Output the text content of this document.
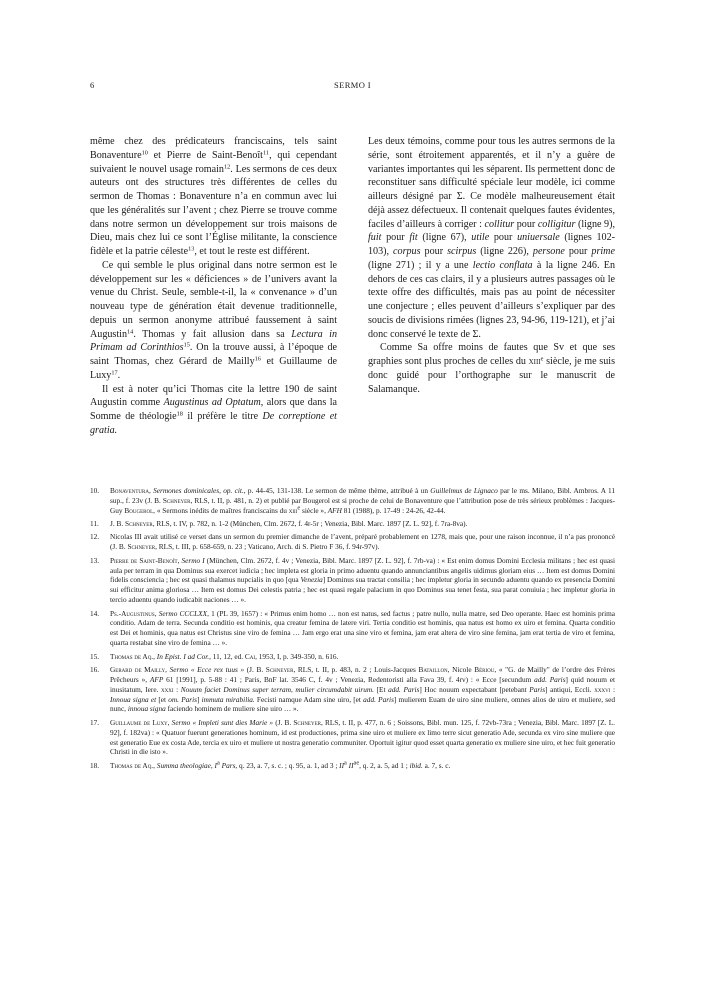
6	SERMO I

même chez des prédicateurs franciscains, tels saint Bonaventure$^{10}$ et Pierre de Saint-Benoît$^{11}$, qui cependant suivaient le nouvel usage romain$^{12}$. Les sermons de ces deux auteurs ont des structures très différentes de celles du sermon de Thomas : Bonaventure n’a en commun avec lui que les généralités sur l’avent ; chez Pierre se trouve comme dans notre sermon un développement sur trois maisons de Dieu, mais chez lui ce sont l’Église militante, la conscience fidèle et la patrie céleste$^{13}$, et tout le reste est différent.

Ce qui semble le plus original dans notre sermon est le développement sur les « déficiences » de l’univers avant la venue du Christ. Seule, semble-t-il, la « convenance » d’un nouveau type de génération était devenue traditionnelle, depuis un sermon anonyme attribué faussement à saint Augustin$^{14}$. Thomas y fait allusion dans sa Lectura in Primam ad Corinthios$^{15}$. On la trouve aussi, à l’époque de saint Thomas, chez Gérard de Mailly$^{16}$ et Guillaume de Luxy$^{17}$.

Il est à noter qu’ici Thomas cite la lettre 190 de saint Augustin comme Augustinus ad Optatum, alors que dans la Somme de théologie$^{18}$ il préfère le titre De correptione et gratia.

Les deux témoins, comme pour tous les autres sermons de la série, sont étroitement apparentés, et il n’y a guère de variantes importantes qui les séparent. Ils permettent donc de reconstituer sans difficulté spéciale leur modèle, ici comme ailleurs désigné par Σ. Ce modèle malheureusement était déjà assez défectueux. Il contenait quelques fautes évidentes, faciles d’ailleurs à corriger : collitur pour colligitur (ligne 9), fuit pour fit (ligne 67), utile pour uniuersale (lignes 102-103), corpus pour scirpus (ligne 226), persone pour prime (ligne 271) ; il y a une lectio conflata à la ligne 246. En dehors de ces cas clairs, il y a plusieurs autres passages où le texte offre des difficultés, mais pas au point de nécessiter une conjecture ; elles peuvent d’ailleurs s’expliquer par des soucis de divisions rimées (lignes 23, 94-96, 119-121), et j’ai donc conservé le texte de Σ.

Comme Sa offre moins de fautes que Sv et que ses graphies sont plus proches de celles du xiii$^e$ siècle, je me suis donc guidé pour l’orthographe sur le manuscrit de Salamanque.

10. Bonaventura, Sermones dominicales, op. cit., p. 44-45, 131-138. Le sermon de même thème, attribué à un Guillelmus de Lignaco par le ms. Milano, Bibl. Ambros. A 11 sup., f. 23v (J. B. Schneyer, RLS, t. II, p. 481, n. 2) et publié par Bougerol est si proche de celui de Bonaventure que l’attribution pose de très sérieux problèmes : Jacques-Guy Bougerol, « Sermons inédits de maîtres franciscains du xiii$^e$ siècle », AFH 81 (1988), p. 17-49 : 24-26, 42-44.
11. J. B. Schneyer, RLS, t. IV, p. 782, n. 1-2 (München, Clm. 2672, f. 4r-5r ; Venezia, Bibl. Marc. 1897 [Z. L. 92], f. 7ra-8va).
12. Nicolas III avait utilisé ce verset dans un sermon du premier dimanche de l’avent, préparé probablement en 1278, mais que, pour une raison inconnue, il n’a pas prononcé (J. B. Schneyer, RLS, t. III, p. 658-659, n. 23 ; Vaticano, Arch. di S. Pietro F 36, f. 94r-97v).
13. Pierre de Saint-Benoît, Sermo I (München, Clm. 2672, f. 4v ; Venezia, Bibl. Marc. 1897 [Z. L. 92], f. 7rb-va) : « Est enim domus Domini Ecclesia militans ; hec est quasi aula per terram in qua Dominus sua exercet iudicia ; hec impleta est gloria in primo aduentu quando annunciantibus angelis uidimus gloriam eius … Item est domus Domini fidelis consciencia ; hec est quasi thalamus nupcialis in quo [qua Venezia] Dominus sua tractat consilia ; hec impletur gloria in secundo aduentu quando ex presencia Domini sui efficitur anima gloriosa … Item est domus Dei celestis patria ; hec est quasi regale palacium in quo Dominus sua tenet festa, sua parat conuiuia ; hec impletur gloria in tercio aduentu quando iudicabit naciones … ».
14. Ps.-Augustinus, Sermo CCCLXX, 1 (PL 39, 1657) : « Primus enim homo … non est natus, sed factus ; patre nullo, nulla matre, sed Deo operante. Haec est hominis prima conditio. Adam de terra. Secunda conditio est hominis, qua creatur femina de latere viri. Tertia conditio est hominis, qua natus est homo ex uiro et femina. Quarta conditio est Dei et hominis, qua natus est Christus sine viro de femina … Jam ergo erat una sine viro et femina, jam erat altera de viro sine femina, jam erat tertia de viro et femina, quarta restabat sine viro de femina … ».
15. Thomas de Aq., In Epist. I ad Cor., 11, 12, ed. Cai, 1953, I, p. 349-350, n. 616.
16. Gerard de Mailly, Sermo « Ecce rex tuus » (J. B. Schneyer, RLS, t. II, p. 483, n. 2 ; Louis-Jacques Bataillon, Nicole Bériou, « "G. de Mailly" de l’ordre des Frères Prêcheurs », AFP 61 [1991], p. 5-88 : 41 ; Paris, BnF lat. 3546 C, f. 4v ; Venezia, Redentoristi alla Fava 39, f. 4rv) : « Ecce [secundum add. Paris] quid nouum et inusitatum, Iere. xxxi : Nouum faciet Dominus super terram, mulier circumdabit uirum. [Et add. Paris] Hoc nouum expectabant [petebant Paris] antiqui, Eccli. xxxvi : Innoua signa et [et om. Paris] immuta mirabilia. Fecisti namque Adam sine uiro, [et add. Paris] mulierem Euam de uiro sine muliere, omnes alios de uiro et muliere, sed nunc, innoua signa faciendo hominem de muliere sine uiro … ».
17. Guillaume de Luxy, Sermo « Impleti sunt dies Marie » (J. B. Schneyer, RLS, t. II, p. 477, n. 6 ; Soissons, Bibl. mun. 125, f. 72vb-73ra ; Venezia, Bibl. Marc. 1897 [Z. L. 92], f. 182va) : « Quatuor fuerunt generationes hominum, id est productiones, prima sine uiro et muliere ex limo terre sicut generatio Ade, secunda ex viro sine muliere que est generatio Eue ex costa Ade, tercia ex uiro et muliere ut nostra generatio communiter. Oportuit igitur quod esset quarta generatio ex muliere sine uiro, et hec fuit generatio Christi in die isto ».
18. Thomas de Aq., Summa theologiae, $I^a$ Pars, q. 23, a. 7, s. c. ; q. 95, a. 1, ad 3 ; $II^a$ $II^{ae}$, q. 2, a. 5, ad 1 ; ibid. a. 7, s. c.
